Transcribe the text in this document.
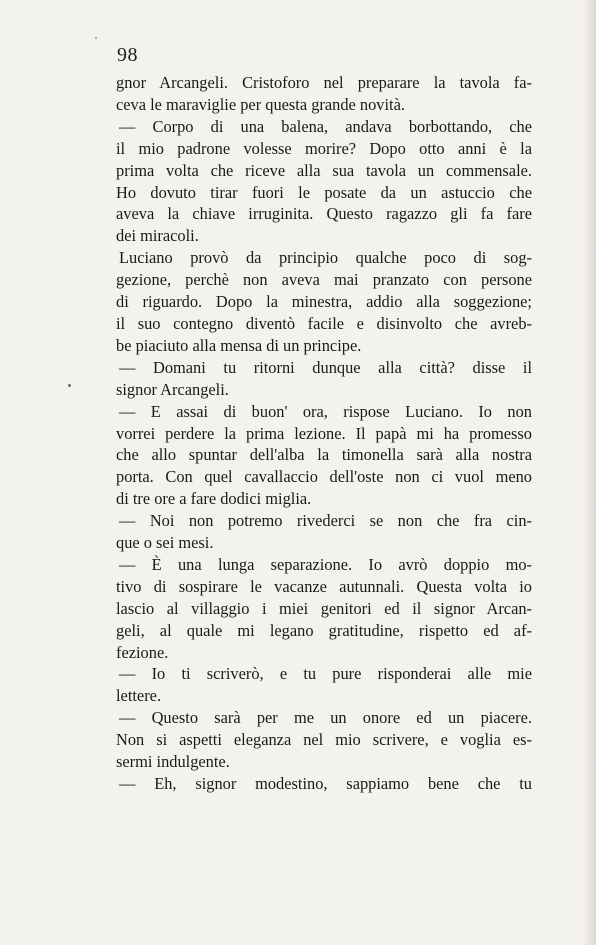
98
gnor Arcangeli. Cristoforo nel preparare la tavola fa-
ceva le maraviglie per questa grande novità.
— Corpo di una balena, andava borbottando, che
il mio padrone volesse morire? Dopo otto anni è la
prima volta che riceve alla sua tavola un commensale.
Ho dovuto tirar fuori le posate da un astuccio che
aveva la chiave irruginita. Questo ragazzo gli fa fare
dei miracoli.
Luciano provò da principio qualche poco di sog-
gezione, perchè non aveva mai pranzato con persone
di riguardo. Dopo la minestra, addio alla soggezione;
il suo contegno diventò facile e disinvolto che avreb-
be piaciuto alla mensa di un principe.
— Domani tu ritorni dunque alla città? disse il
signor Arcangeli.
— E assai di buon' ora, rispose Luciano. Io non
vorrei perdere la prima lezione. Il papà mi ha promesso
che allo spuntar dell'alba la timonella sarà alla nostra
porta. Con quel cavallaccio dell'oste non ci vuol meno
di tre ore a fare dodici miglia.
— Noi non potremo rivederci se non che fra cin-
que o sei mesi.
— È una lunga separazione. Io avrò doppio mo-
tivo di sospirare le vacanze autunnali. Questa volta io
lascio al villaggio i miei genitori ed il signor Arcan-
geli, al quale mi legano gratitudine, rispetto ed af-
fezione.
— Io ti scriverò, e tu pure risponderai alle mie
lettere.
— Questo sarà per me un onore ed un piacere.
Non si aspetti eleganza nel mio scrivere, e voglia es-
sermi indulgente.
— Eh, signor modestino, sappiamo bene che tu
